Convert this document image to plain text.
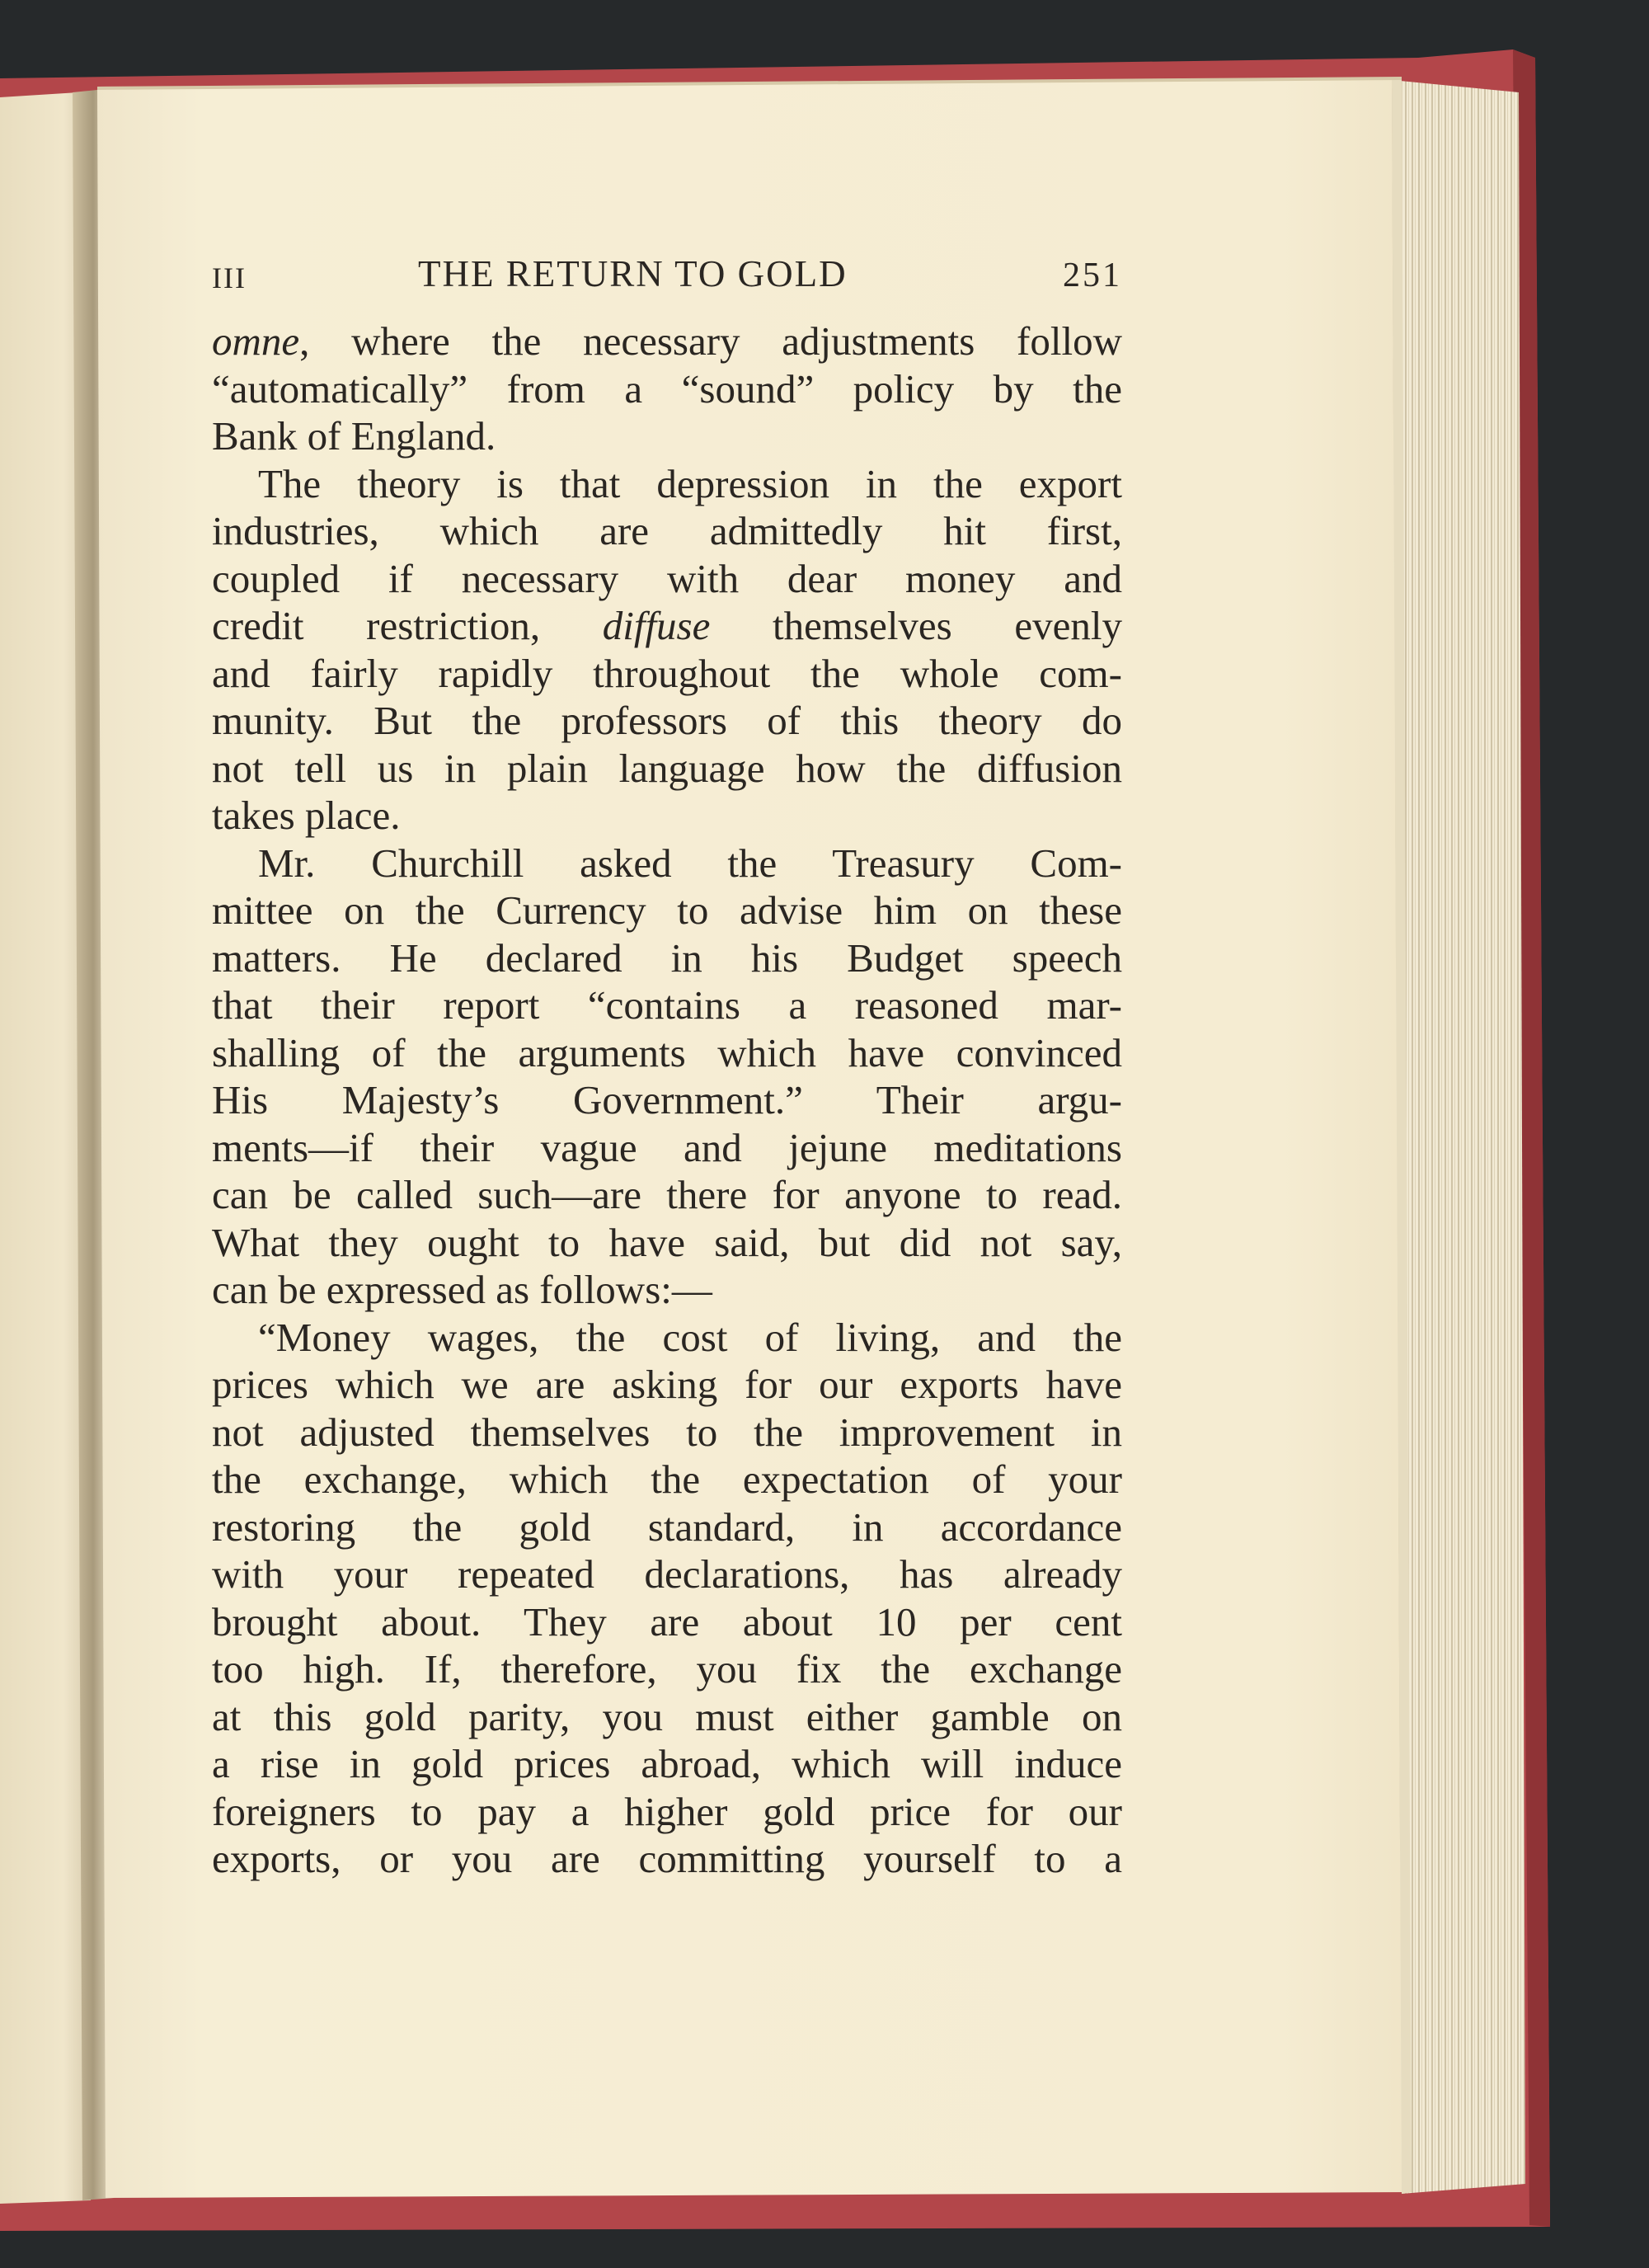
III	THE RETURN TO GOLD	251
omne, where the necessary adjustments follow
“automatically” from a “sound” policy by the
Bank of England.
The theory is that depression in the export
industries, which are admittedly hit first,
coupled if necessary with dear money and
credit restriction, diffuse themselves evenly
and fairly rapidly throughout the whole com-
munity. But the professors of this theory do
not tell us in plain language how the diffusion
takes place.
Mr. Churchill asked the Treasury Com-
mittee on the Currency to advise him on these
matters. He declared in his Budget speech
that their report “contains a reasoned mar-
shalling of the arguments which have convinced
His Majesty’s Government.” Their argu-
ments—if their vague and jejune meditations
can be called such—are there for anyone to read.
What they ought to have said, but did not say,
can be expressed as follows:—
“Money wages, the cost of living, and the
prices which we are asking for our exports have
not adjusted themselves to the improvement in
the exchange, which the expectation of your
restoring the gold standard, in accordance
with your repeated declarations, has already
brought about. They are about 10 per cent
too high. If, therefore, you fix the exchange
at this gold parity, you must either gamble on
a rise in gold prices abroad, which will induce
foreigners to pay a higher gold price for our
exports, or you are committing yourself to a
